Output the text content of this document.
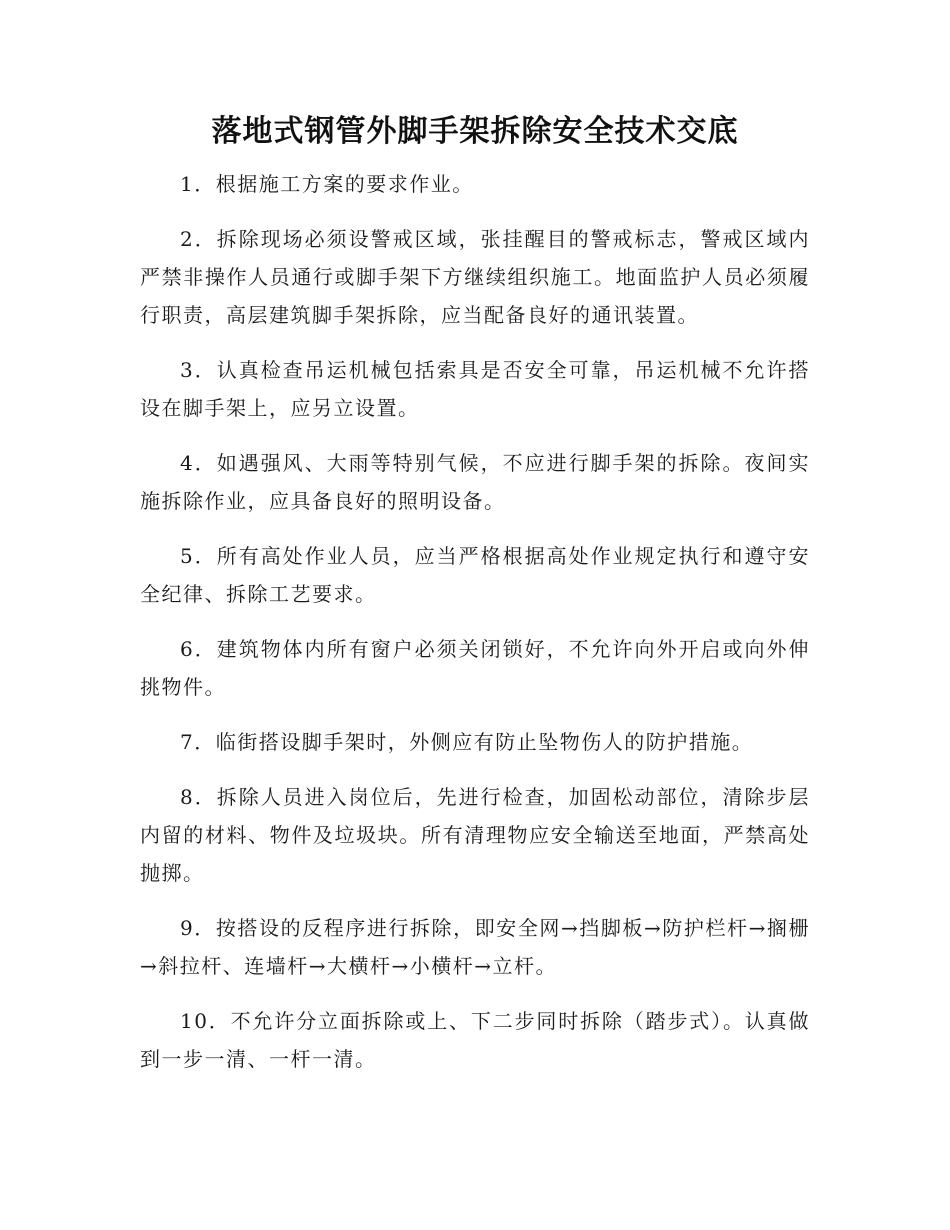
落地式钢管外脚手架拆除安全技术交底

1．根据施工方案的要求作业。

2．拆除现场必须设警戒区域，张挂醒目的警戒标志，警戒区域内严禁非操作人员通行或脚手架下方继续组织施工。地面监护人员必须履行职责，高层建筑脚手架拆除，应当配备良好的通讯装置。

3．认真检查吊运机械包括索具是否安全可靠，吊运机械不允许搭设在脚手架上，应另立设置。

4．如遇强风、大雨等特别气候，不应进行脚手架的拆除。夜间实施拆除作业，应具备良好的照明设备。

5．所有高处作业人员，应当严格根据高处作业规定执行和遵守安全纪律、拆除工艺要求。

6．建筑物体内所有窗户必须关闭锁好，不允许向外开启或向外伸挑物件。

7．临街搭设脚手架时，外侧应有防止坠物伤人的防护措施。

8．拆除人员进入岗位后，先进行检查，加固松动部位，清除步层内留的材料、物件及垃圾块。所有清理物应安全输送至地面，严禁高处抛掷。

9．按搭设的反程序进行拆除，即安全网→挡脚板→防护栏杆→搁栅→斜拉杆、连墙杆→大横杆→小横杆→立杆。

10．不允许分立面拆除或上、下二步同时拆除（踏步式）。认真做到一步一清、一杆一清。
